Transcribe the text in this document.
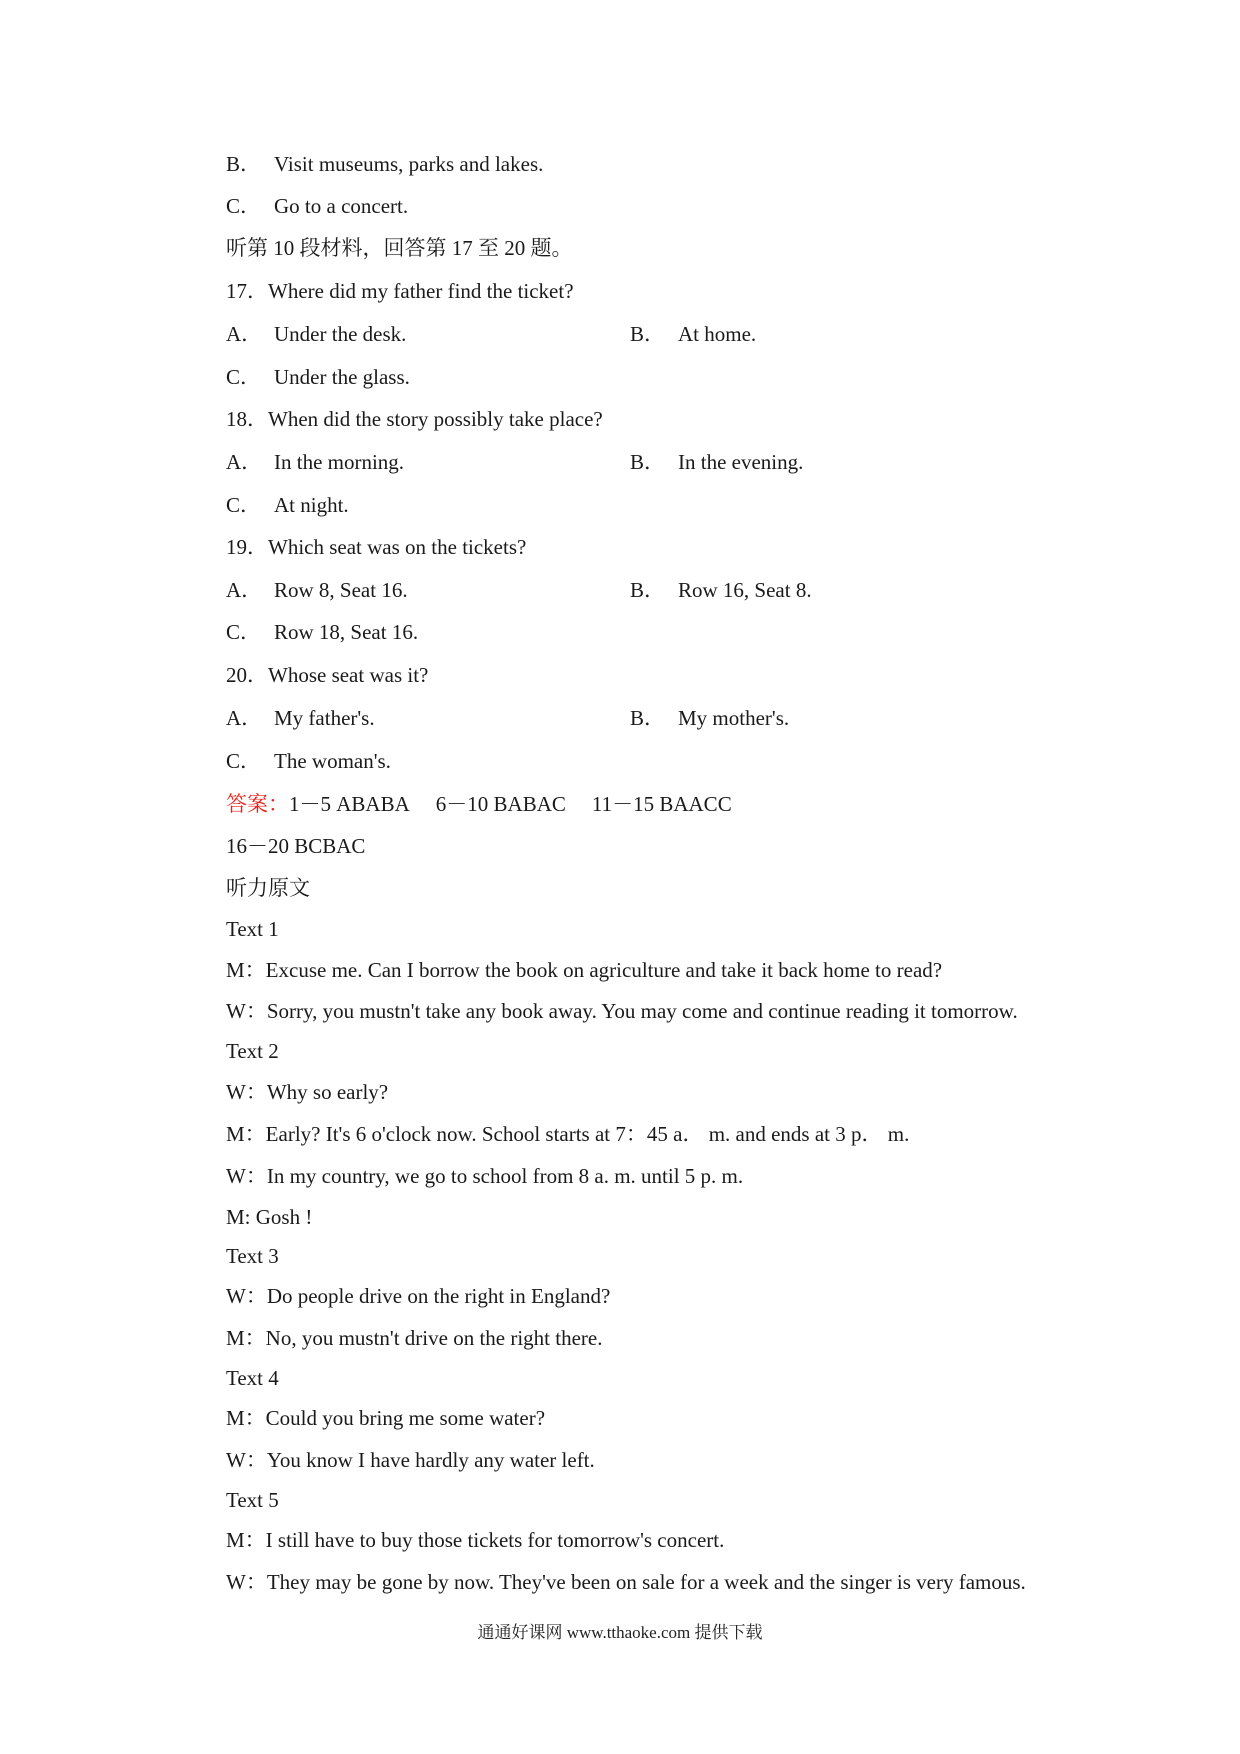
B． Visit museums, parks and lakes.
C． Go to a concert.
听第 10 段材料，回答第 17 至 20 题。
17．Where did my father find the ticket?
A． Under the desk.	B． At home.
C． Under the glass.
18．When did the story possibly take place?
A． In the morning.	B． In the evening.
C． At night.
19．Which seat was on the tickets?
A． Row 8, Seat 16.	B． Row 16, Seat 8.
C． Row 18, Seat 16.
20．Whose seat was it?
A． My father's.	B． My mother's.
C． The woman's.
答案：1－5 ABABA 6－10 BABAC 11－15 BAACC
16－20 BCBAC
听力原文
Text 1
M：Excuse me. Can I borrow the book on agriculture and take it back home to read?
W：Sorry, you mustn't take any book away. You may come and continue reading it tomorrow.
Text 2
W：Why so early?
M：Early? It's 6 o'clock now. School starts at 7：45 a． m. and ends at 3 p． m.
W：In my country, we go to school from 8 a. m. until 5 p. m.
M: Gosh !
Text 3
W：Do people drive on the right in England?
M：No, you mustn't drive on the right there.
Text 4
M：Could you bring me some water?
W：You know I have hardly any water left.
Text 5
M：I still have to buy those tickets for tomorrow's concert.
W：They may be gone by now. They've been on sale for a week and the singer is very famous.
通通好课网 www.tthaoke.com 提供下载
